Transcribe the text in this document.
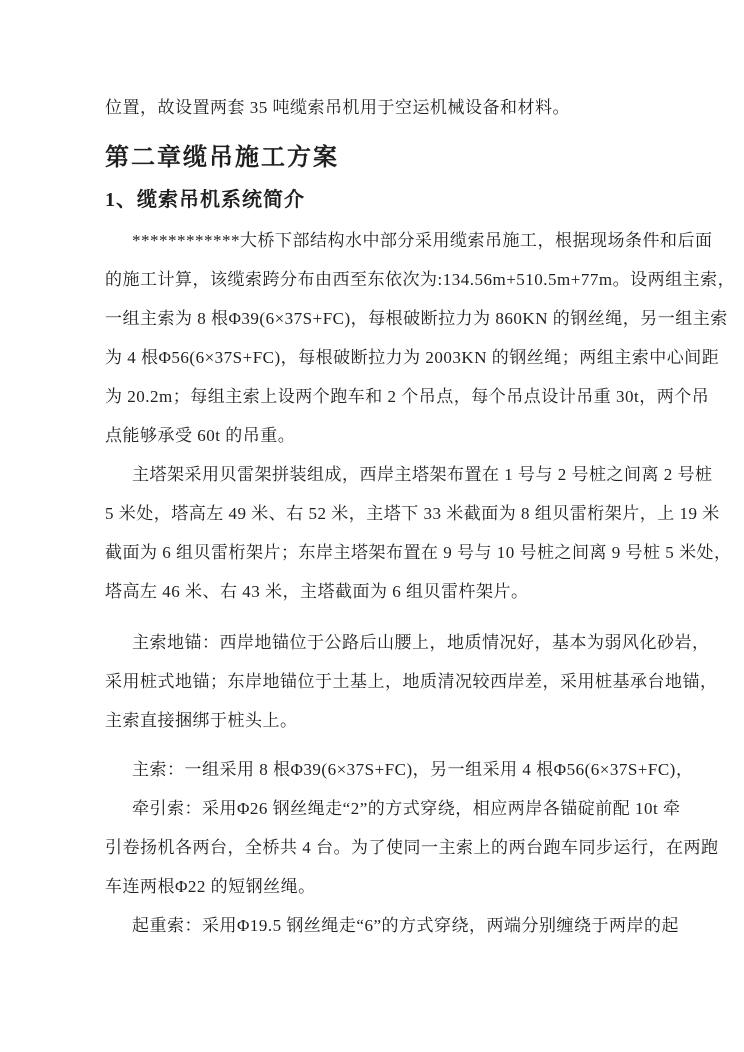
位置，故设置两套 35 吨缆索吊机用于空运机械设备和材料。
第二章缆吊施工方案
1、缆索吊机系统简介
************大桥下部结构水中部分采用缆索吊施工，根据现场条件和后面
的施工计算，该缆索跨分布由西至东依次为:134.56m+510.5m+77m。设两组主索，
一组主索为 8 根Φ39(6×37S+FC)，每根破断拉力为 860KN 的钢丝绳，另一组主索
为 4 根Φ56(6×37S+FC)，每根破断拉力为 2003KN 的钢丝绳；两组主索中心间距
为 20.2m；每组主索上设两个跑车和 2 个吊点，每个吊点设计吊重 30t，两个吊
点能够承受 60t 的吊重。
主塔架采用贝雷架拼装组成，西岸主塔架布置在 1 号与 2 号桩之间离 2 号桩
5 米处，塔高左 49 米、右 52 米，主塔下 33 米截面为 8 组贝雷桁架片，上 19 米
截面为 6 组贝雷桁架片；东岸主塔架布置在 9 号与 10 号桩之间离 9 号桩 5 米处，
塔高左 46 米、右 43 米，主塔截面为 6 组贝雷杵架片。
主索地锚：西岸地锚位于公路后山腰上，地质情况好，基本为弱风化砂岩，
采用桩式地锚；东岸地锚位于土基上，地质清况较西岸差，采用桩基承台地锚，
主索直接捆绑于桩头上。
主索：一组采用 8 根Φ39(6×37S+FC)，另一组采用 4 根Φ56(6×37S+FC)，
牵引索：采用Φ26 钢丝绳走“2”的方式穿绕，相应两岸各锚碇前配 10t 牵
引卷扬机各两台，全桥共 4 台。为了使同一主索上的两台跑车同步运行，在两跑
车连两根Φ22 的短钢丝绳。
起重索：采用Φ19.5 钢丝绳走“6”的方式穿绕，两端分别缠绕于两岸的起
